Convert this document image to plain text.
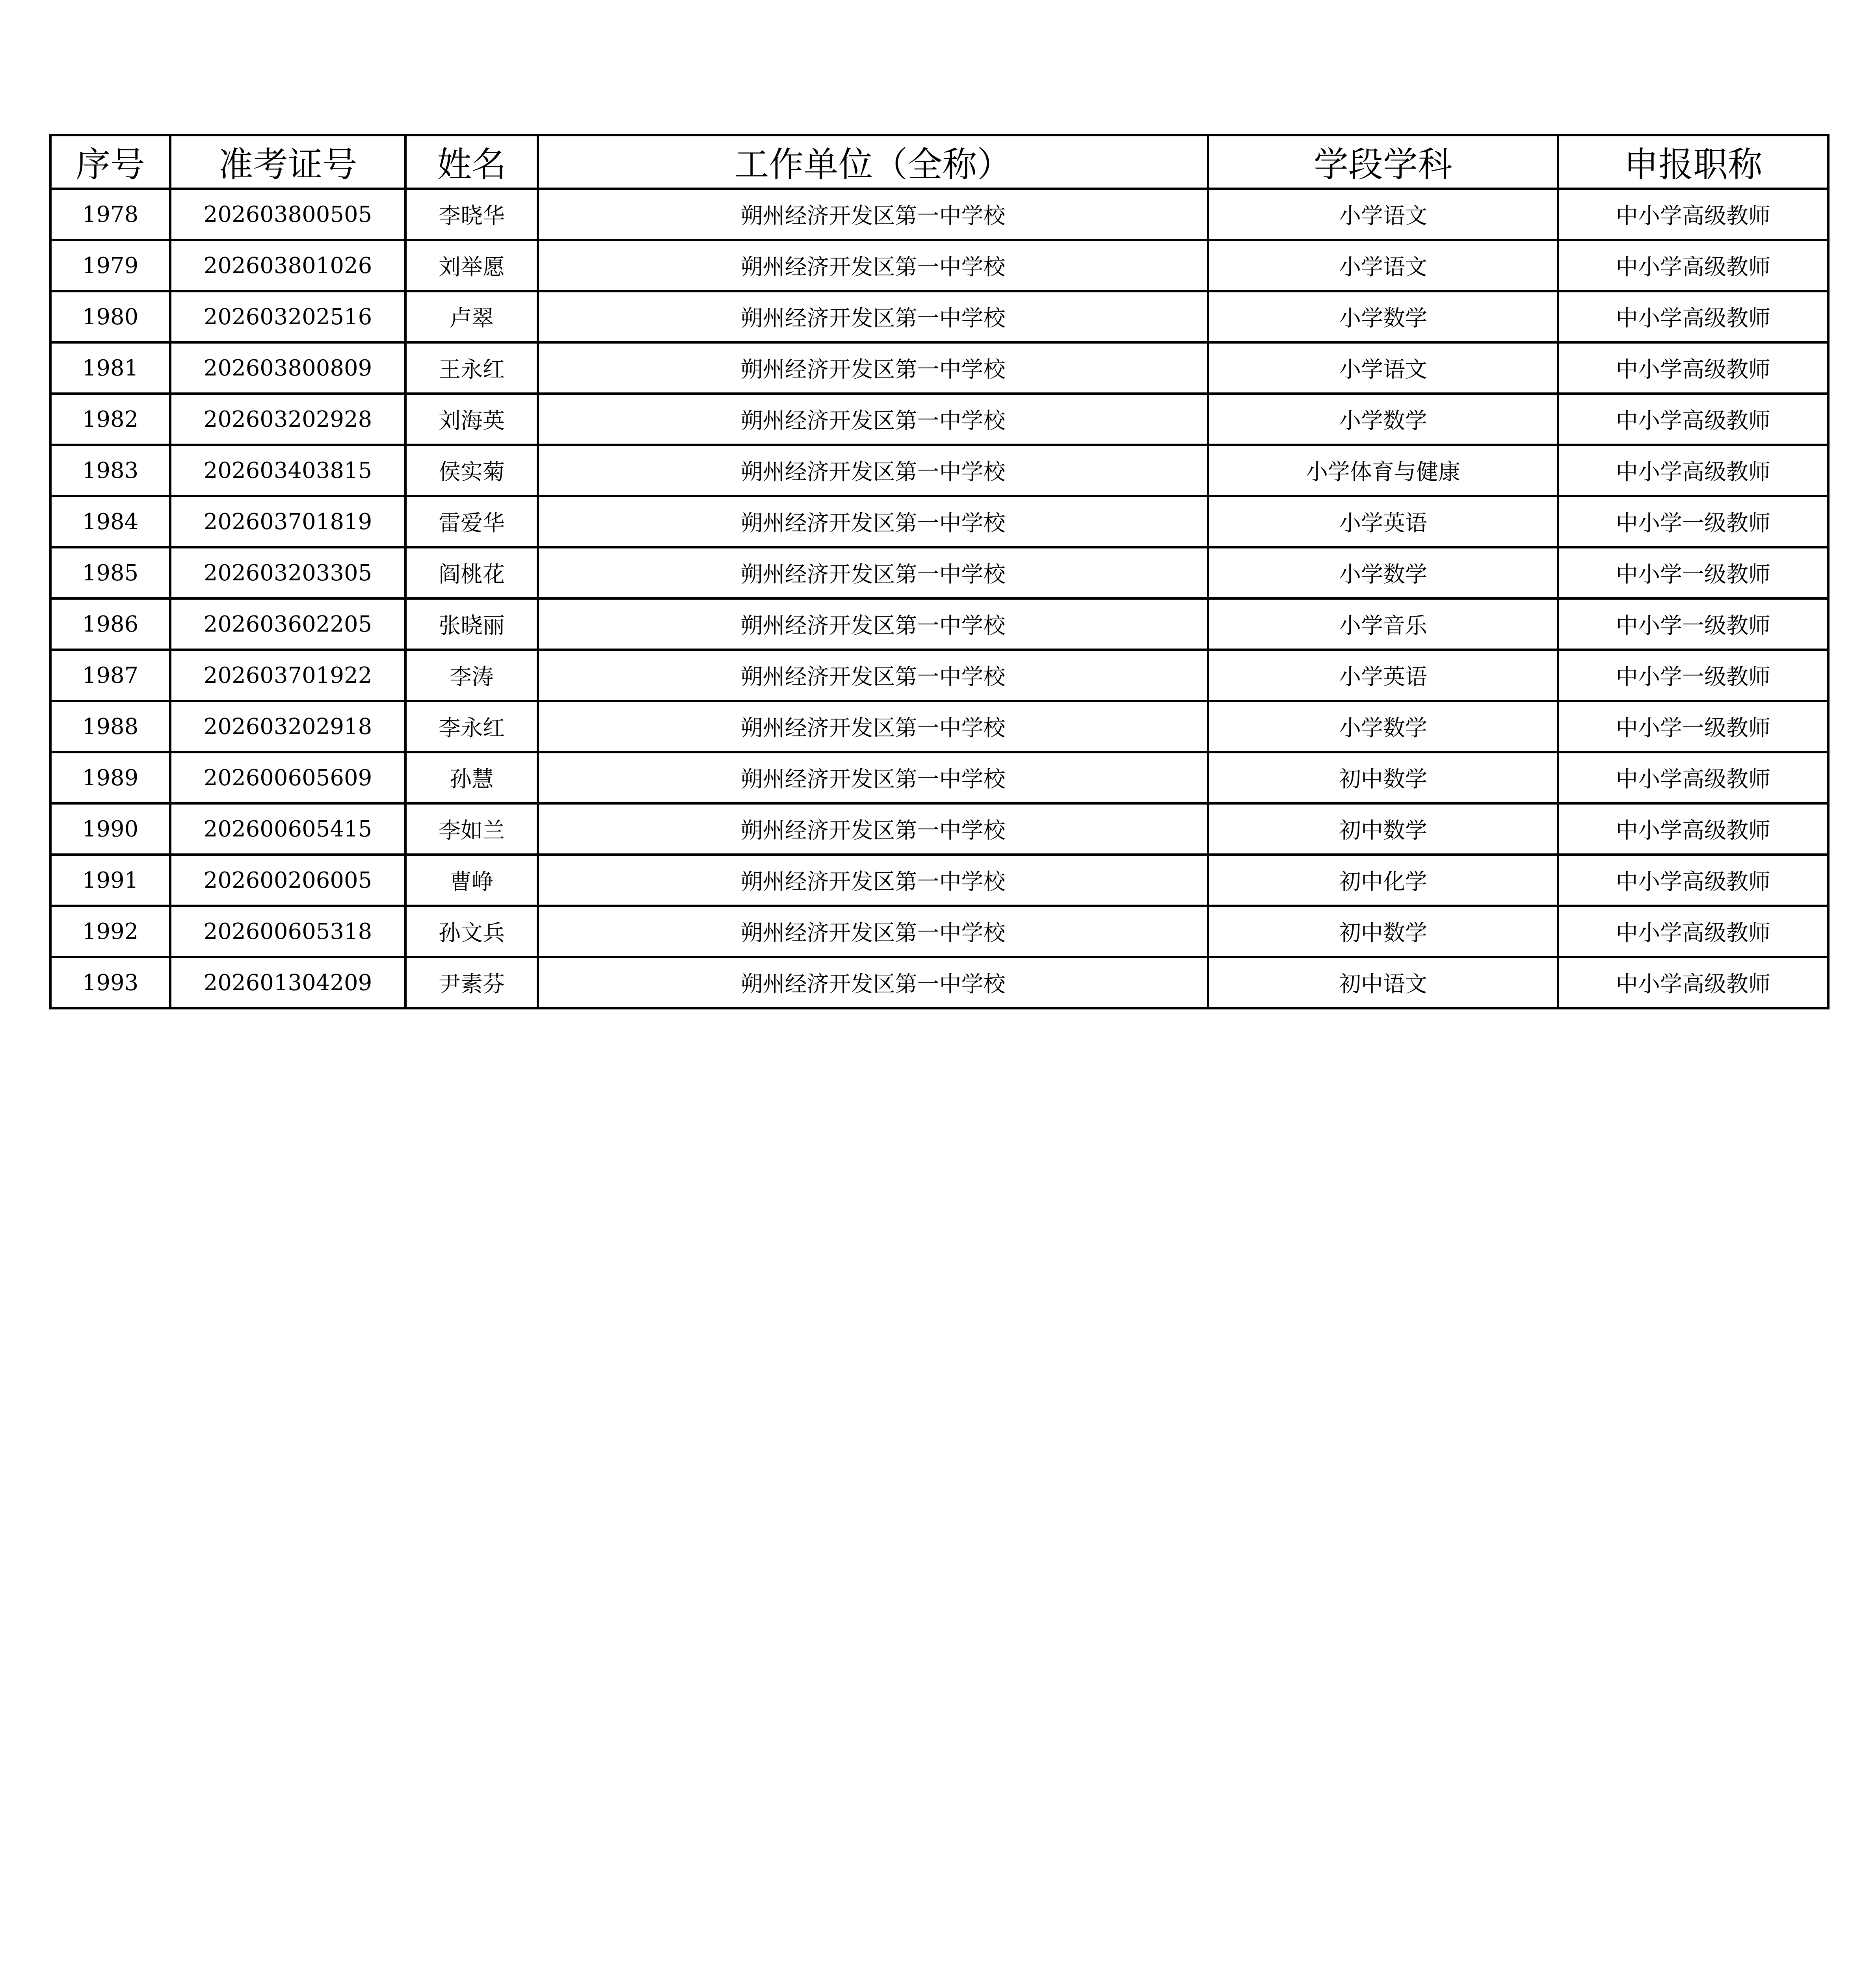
序号	准考证号	姓名	工作单位（全称）	学段学科	申报职称
1978	202603800505	李晓华	朔州经济开发区第一中学校	小学语文	中小学高级教师
1979	202603801026	刘举愿	朔州经济开发区第一中学校	小学语文	中小学高级教师
1980	202603202516	卢翠	朔州经济开发区第一中学校	小学数学	中小学高级教师
1981	202603800809	王永红	朔州经济开发区第一中学校	小学语文	中小学高级教师
1982	202603202928	刘海英	朔州经济开发区第一中学校	小学数学	中小学高级教师
1983	202603403815	侯实菊	朔州经济开发区第一中学校	小学体育与健康	中小学高级教师
1984	202603701819	雷爱华	朔州经济开发区第一中学校	小学英语	中小学一级教师
1985	202603203305	阎桃花	朔州经济开发区第一中学校	小学数学	中小学一级教师
1986	202603602205	张晓丽	朔州经济开发区第一中学校	小学音乐	中小学一级教师
1987	202603701922	李涛	朔州经济开发区第一中学校	小学英语	中小学一级教师
1988	202603202918	李永红	朔州经济开发区第一中学校	小学数学	中小学一级教师
1989	202600605609	孙慧	朔州经济开发区第一中学校	初中数学	中小学高级教师
1990	202600605415	李如兰	朔州经济开发区第一中学校	初中数学	中小学高级教师
1991	202600206005	曹峥	朔州经济开发区第一中学校	初中化学	中小学高级教师
1992	202600605318	孙文兵	朔州经济开发区第一中学校	初中数学	中小学高级教师
1993	202601304209	尹素芬	朔州经济开发区第一中学校	初中语文	中小学高级教师
